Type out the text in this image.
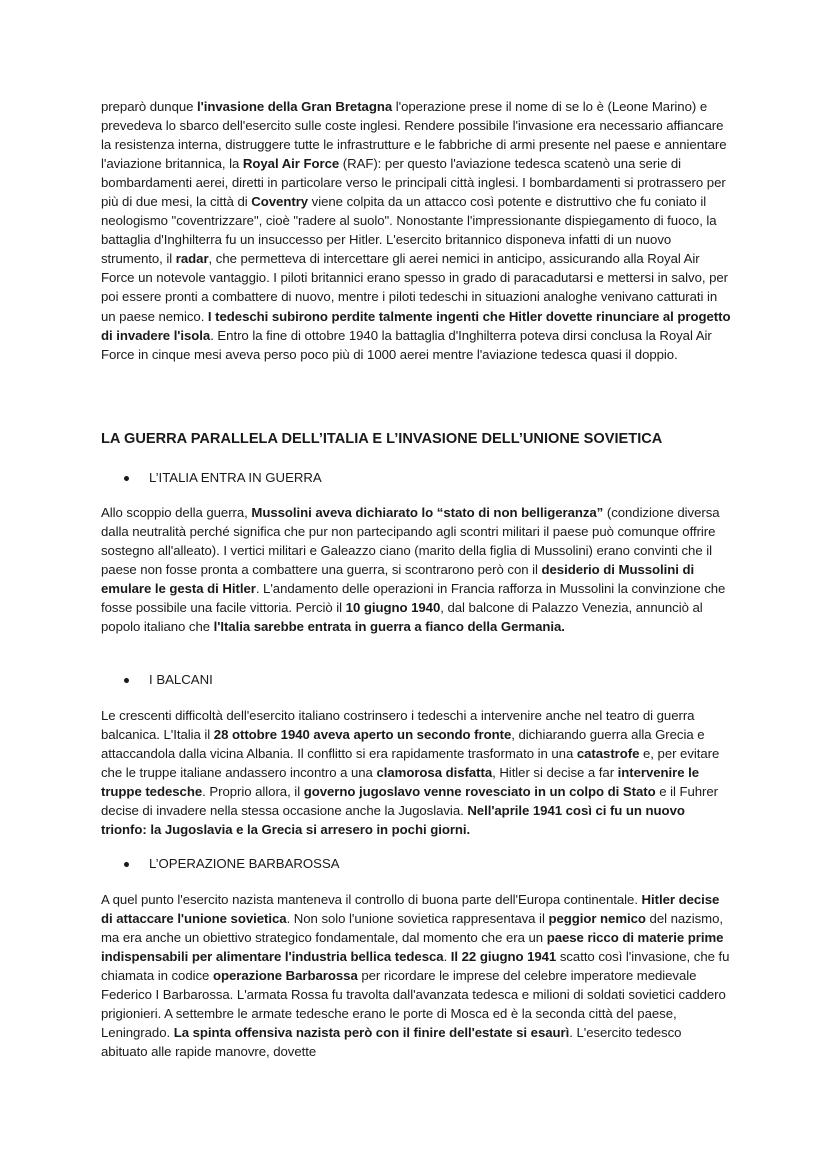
preparò dunque l'invasione della Gran Bretagna l'operazione prese il nome di se lo è (Leone Marino) e prevedeva lo sbarco dell'esercito sulle coste inglesi. Rendere possibile l'invasione era necessario affiancare la resistenza interna, distruggere tutte le infrastrutture e le fabbriche di armi presente nel paese e annientare l'aviazione britannica, la Royal Air Force (RAF): per questo l'aviazione tedesca scatenò una serie di bombardamenti aerei, diretti in particolare verso le principali città inglesi. I bombardamenti si protrassero per più di due mesi, la città di Coventry viene colpita da un attacco così potente e distruttivo che fu coniato il neologismo "coventrizzare", cioè "radere al suolo". Nonostante l'impressionante dispiegamento di fuoco, la battaglia d'Inghilterra fu un insuccesso per Hitler. L'esercito britannico disponeva infatti di un nuovo strumento, il radar, che permetteva di intercettare gli aerei nemici in anticipo, assicurando alla Royal Air Force un notevole vantaggio. I piloti britannici erano spesso in grado di paracadutarsi e mettersi in salvo, per poi essere pronti a combattere di nuovo, mentre i piloti tedeschi in situazioni analoghe venivano catturati in un paese nemico. I tedeschi subirono perdite talmente ingenti che Hitler dovette rinunciare al progetto di invadere l'isola. Entro la fine di ottobre 1940 la battaglia d'Inghilterra poteva dirsi conclusa la Royal Air Force in cinque mesi aveva perso poco più di 1000 aerei mentre l'aviazione tedesca quasi il doppio.

LA GUERRA PARALLELA DELL’ITALIA E L’INVASIONE DELL’UNIONE SOVIETICA
L’ITALIA ENTRA IN GUERRA

Allo scoppio della guerra, Mussolini aveva dichiarato lo “stato di non belligeranza” (condizione diversa dalla neutralità perché significa che pur non partecipando agli scontri militari il paese può comunque offrire sostegno all'alleato). I vertici militari e Galeazzo ciano (marito della figlia di Mussolini) erano convinti che il paese non fosse pronta a combattere una guerra, si scontrarono però con il desiderio di Mussolini di emulare le gesta di Hitler. L'andamento delle operazioni in Francia rafforza in Mussolini la convinzione che fosse possibile una facile vittoria. Perciò il 10 giugno 1940, dal balcone di Palazzo Venezia, annunciò al popolo italiano che l'Italia sarebbe entrata in guerra a fianco della Germania.

I BALCANI

Le crescenti difficoltà dell'esercito italiano costrinsero i tedeschi a intervenire anche nel teatro di guerra balcanica. L'Italia il 28 ottobre 1940 aveva aperto un secondo fronte, dichiarando guerra alla Grecia e attaccandola dalla vicina Albania. Il conflitto si era rapidamente trasformato in una catastrofe e, per evitare che le truppe italiane andassero incontro a una clamorosa disfatta, Hitler si decise a far intervenire le truppe tedesche. Proprio allora, il governo jugoslavo venne rovesciato in un colpo di Stato e il Fuhrer decise di invadere nella stessa occasione anche la Jugoslavia. Nell'aprile 1941 così ci fu un nuovo trionfo: la Jugoslavia e la Grecia si arresero in pochi giorni.

L’OPERAZIONE BARBAROSSA

A quel punto l'esercito nazista manteneva il controllo di buona parte dell'Europa continentale. Hitler decise di attaccare l'unione sovietica. Non solo l'unione sovietica rappresentava il peggior nemico del nazismo, ma era anche un obiettivo strategico fondamentale, dal momento che era un paese ricco di materie prime indispensabili per alimentare l'industria bellica tedesca. Il 22 giugno 1941 scatto così l'invasione, che fu chiamata in codice operazione Barbarossa per ricordare le imprese del celebre imperatore medievale Federico I Barbarossa. L'armata Rossa fu travolta dall'avanzata tedesca e milioni di soldati sovietici caddero prigionieri. A settembre le armate tedesche erano le porte di Mosca ed è la seconda città del paese, Leningrado. La spinta offensiva nazista però con il finire dell'estate si esaurì. L'esercito tedesco abituato alle rapide manovre, dovette
